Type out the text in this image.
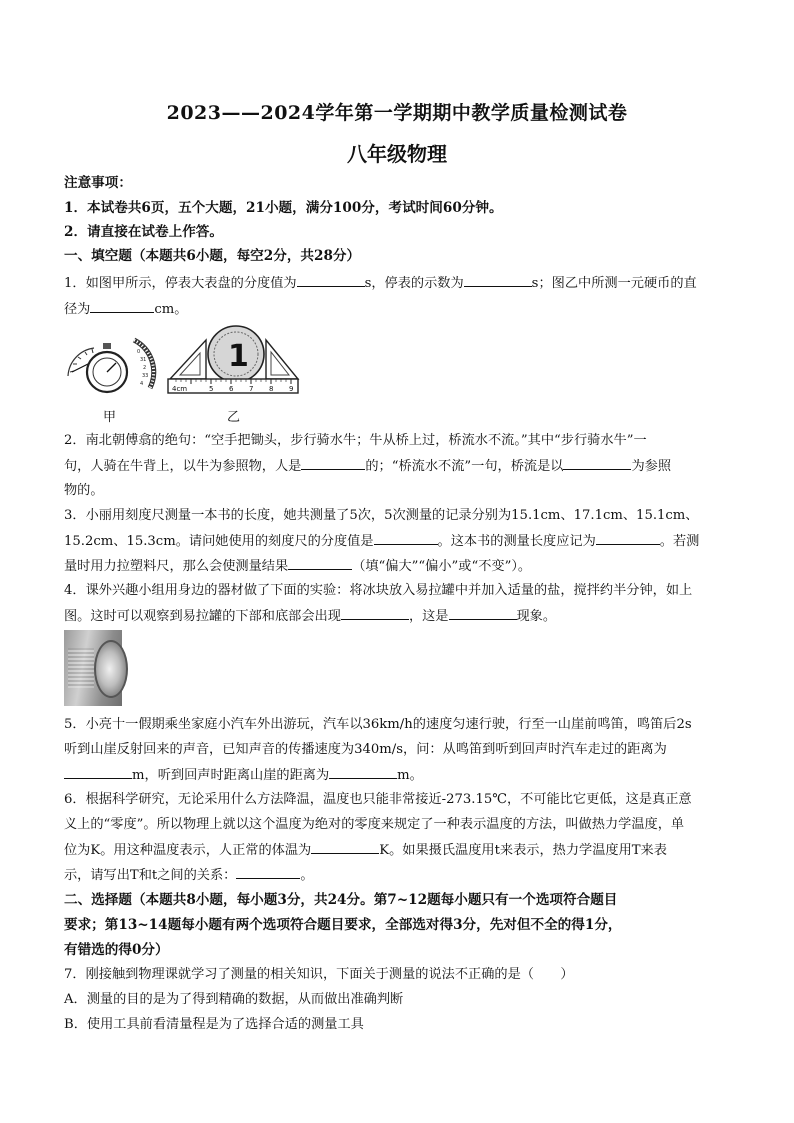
2023——2024学年第一学期期中教学质量检测试卷
八年级物理
注意事项：
1．本试卷共6页，五个大题，21小题，满分100分，考试时间60分钟。
2．请直接在试卷上作答。
一、填空题（本题共6小题，每空2分，共28分）
1．如图甲所示，停表大表盘的分度值为	s，停表的示数为	s；图乙中所测一元硬币的直
径为	cm。
0
31
2
33
4
1
4cm	5 6 7 8 9
甲	乙
2．南北朝傅翕的绝句：“空手把锄头，步行骑水牛；牛从桥上过，桥流水不流。”其中“步行骑水牛”一
句，人骑在牛背上，以牛为参照物，人是	的；“桥流水不流”一句，桥流是以	为参照
物的。
3．小丽用刻度尺测量一本书的长度，她共测量了5次，5次测量的记录分别为15.1cm、17.1cm、15.1cm、
15.2cm、15.3cm。请问她使用的刻度尺的分度值是	。这本书的测量长度应记为	。若测
量时用力拉塑料尺，那么会使测量结果	（填“偏大”“偏小”或“不变”）。
4．课外兴趣小组用身边的器材做了下面的实验：将冰块放入易拉罐中并加入适量的盐，搅拌约半分钟，如上
图。这时可以观察到易拉罐的下部和底部会出现	，这是	现象。
5．小亮十一假期乘坐家庭小汽车外出游玩，汽车以36km/h的速度匀速行驶，行至一山崖前鸣笛，鸣笛后2s
听到山崖反射回来的声音，已知声音的传播速度为340m/s，问：从鸣笛到听到回声时汽车走过的距离为
m，听到回声时距离山崖的距离为	m。
6．根据科学研究，无论采用什么方法降温，温度也只能非常接近-273.15℃，不可能比它更低，这是真正意
义上的“零度”。所以物理上就以这个温度为绝对的零度来规定了一种表示温度的方法，叫做热力学温度，单
位为K。用这种温度表示，人正常的体温为	K。如果摄氏温度用t来表示，热力学温度用T来表
示，请写出T和t之间的关系：	。
二、选择题（本题共8小题，每小题3分，共24分。第7~12题每小题只有一个选项符合题目
要求；第13~14题每小题有两个选项符合题目要求，全部选对得3分，先对但不全的得1分，
有错选的得0分）
7．刚接触到物理课就学习了测量的相关知识，下面关于测量的说法不正确的是（　　）
A．测量的目的是为了得到精确的数据，从而做出准确判断
B．使用工具前看清量程是为了选择合适的测量工具
